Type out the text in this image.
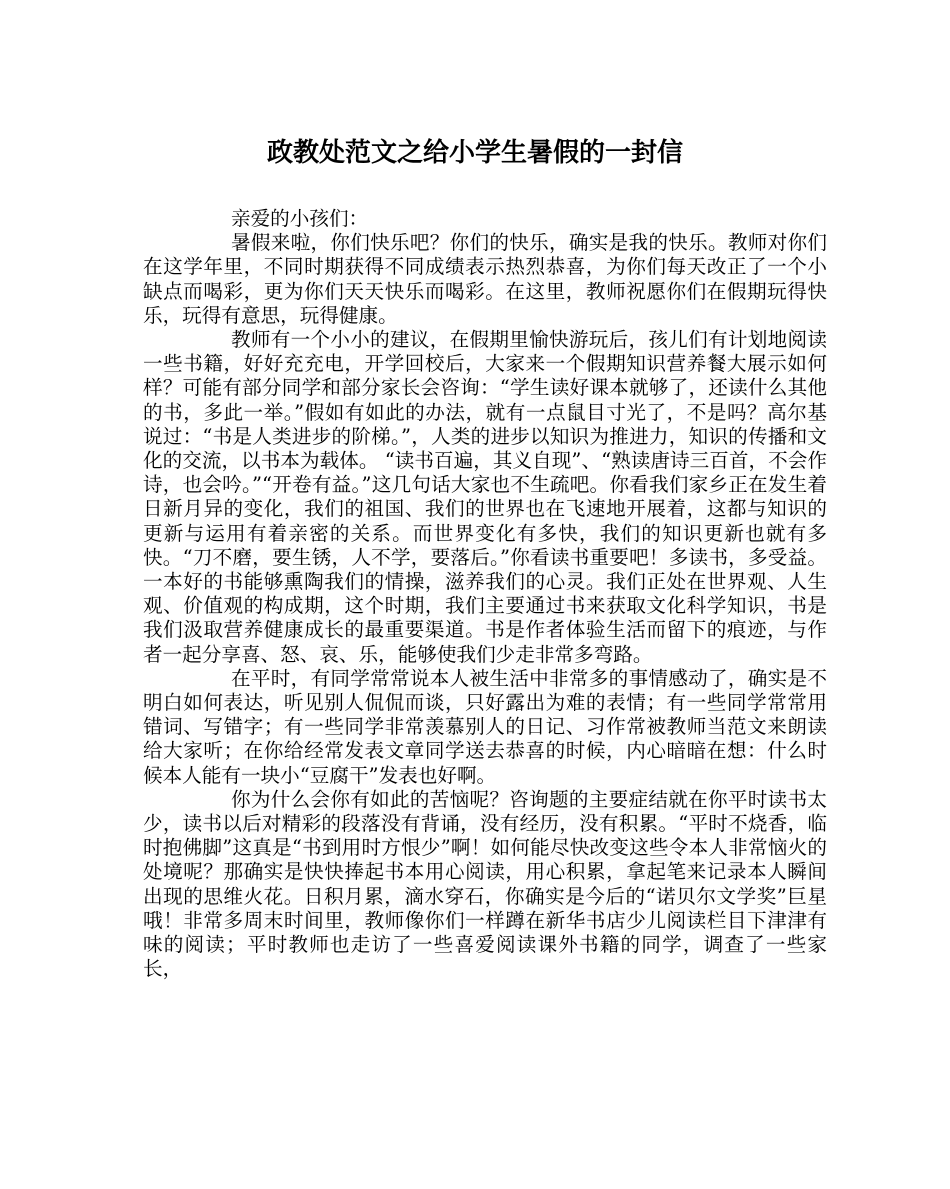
政教处范文之给小学生暑假的一封信

亲爱的小孩们：

暑假来啦，你们快乐吧？你们的快乐，确实是我的快乐。教师对你们在这学年里，不同时期获得不同成绩表示热烈恭喜，为你们每天改正了一个小缺点而喝彩，更为你们天天快乐而喝彩。在这里，教师祝愿你们在假期玩得快乐，玩得有意思，玩得健康。

教师有一个小小的建议，在假期里愉快游玩后，孩儿们有计划地阅读一些书籍，好好充充电，开学回校后，大家来一个假期知识营养餐大展示如何样？可能有部分同学和部分家长会咨询：“学生读好课本就够了，还读什么其他的书，多此一举。”假如有如此的办法，就有一点鼠目寸光了，不是吗？高尔基说过：“书是人类进步的阶梯。”，人类的进步以知识为推进力，知识的传播和文化的交流，以书本为载体。 “读书百遍，其义自现”、“熟读唐诗三百首，不会作诗，也会吟。”“开卷有益。”这几句话大家也不生疏吧。你看我们家乡正在发生着日新月异的变化，我们的祖国、我们的世界也在飞速地开展着，这都与知识的更新与运用有着亲密的关系。而世界变化有多快，我们的知识更新也就有多快。“刀不磨，要生锈，人不学，要落后。”你看读书重要吧！多读书，多受益。一本好的书能够熏陶我们的情操，滋养我们的心灵。我们正处在世界观、人生观、价值观的构成期，这个时期，我们主要通过书来获取文化科学知识，书是我们汲取营养健康成长的最重要渠道。书是作者体验生活而留下的痕迹，与作者一起分享喜、怒、哀、乐，能够使我们少走非常多弯路。

在平时，有同学常常说本人被生活中非常多的事情感动了，确实是不明白如何表达，听见别人侃侃而谈，只好露出为难的表情；有一些同学常常用错词、写错字；有一些同学非常羡慕别人的日记、习作常被教师当范文来朗读给大家听；在你给经常发表文章同学送去恭喜的时候，内心暗暗在想：什么时候本人能有一块小“豆腐干”发表也好啊。

你为什么会你有如此的苦恼呢？咨询题的主要症结就在你平时读书太少，读书以后对精彩的段落没有背诵，没有经历，没有积累。“平时不烧香，临时抱佛脚”这真是“书到用时方恨少”啊！如何能尽快改变这些令本人非常恼火的处境呢？那确实是快快捧起书本用心阅读，用心积累，拿起笔来记录本人瞬间出现的思维火花。日积月累，滴水穿石，你确实是今后的“诺贝尔文学奖”巨星哦！非常多周末时间里，教师像你们一样蹲在新华书店少儿阅读栏目下津津有味的阅读；平时教师也走访了一些喜爱阅读课外书籍的同学，调查了一些家长，
